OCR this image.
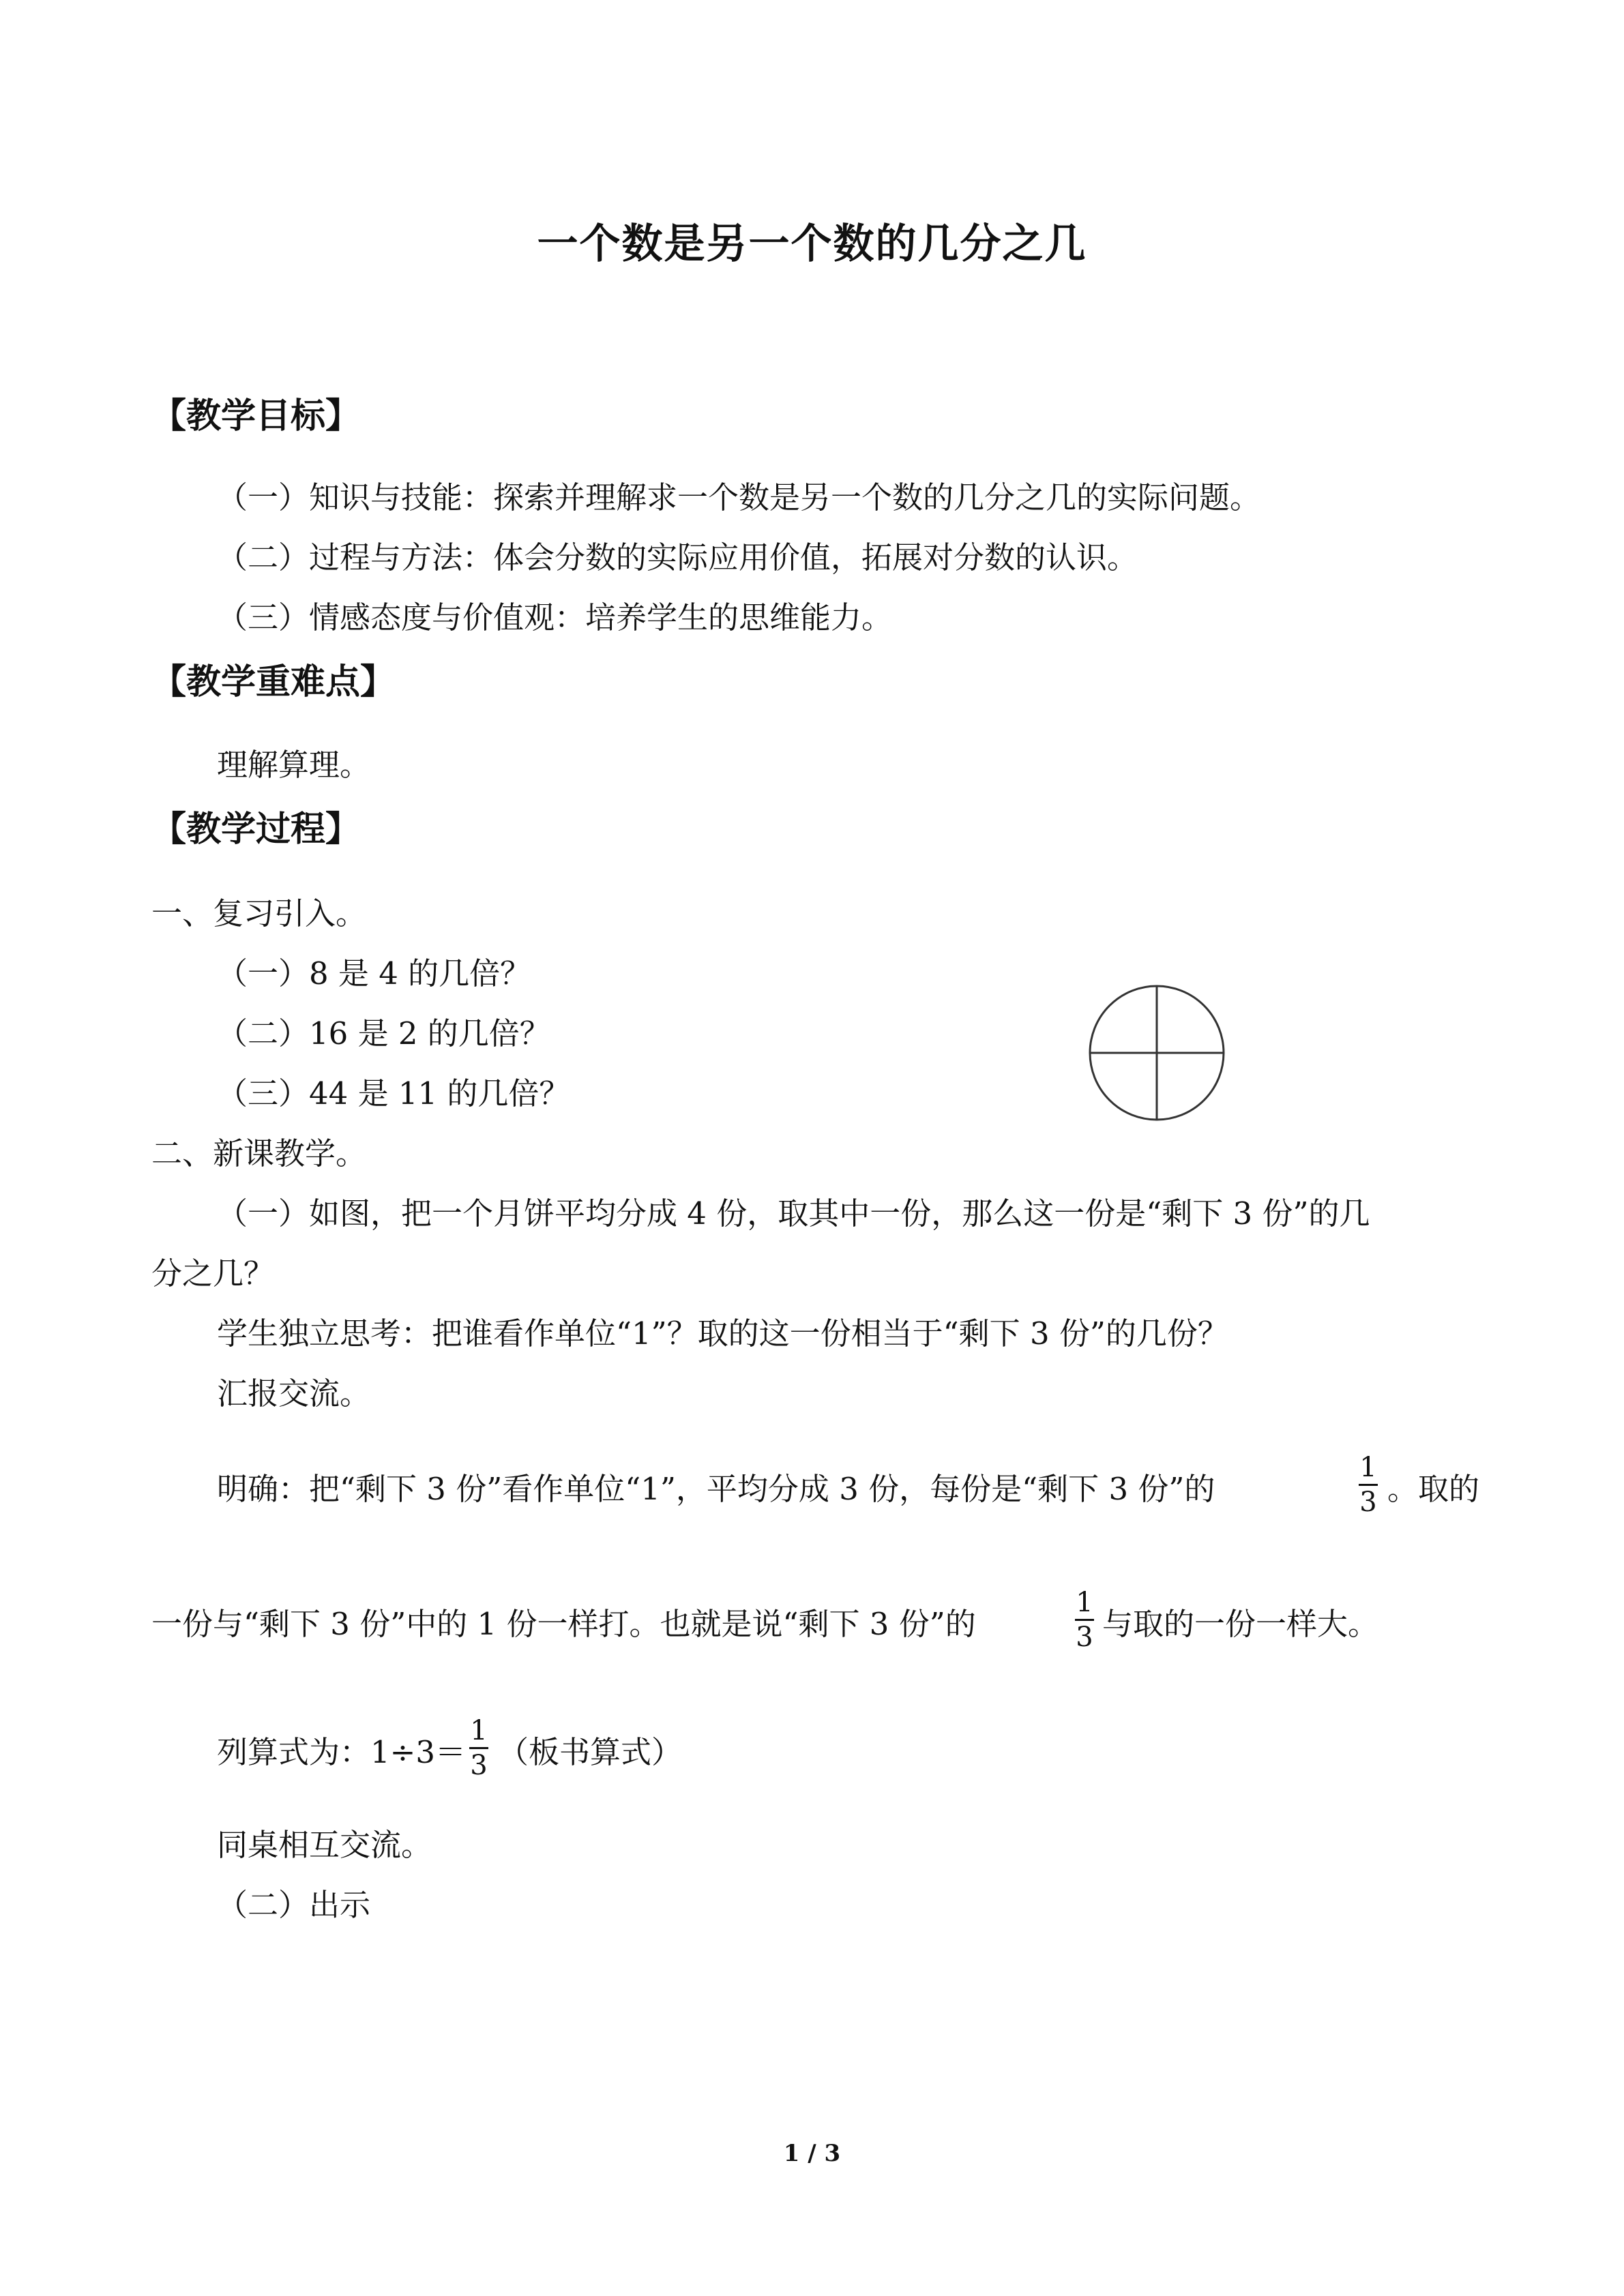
一个数是另一个数的几分之几
【教学目标】
（一）知识与技能：探索并理解求一个数是另一个数的几分之几的实际问题。
（二）过程与方法：体会分数的实际应用价值，拓展对分数的认识。
（三）情感态度与价值观：培养学生的思维能力。
【教学重难点】
理解算理。
【教学过程】
一、复习引入。
（一）8 是 4 的几倍？
（二）16 是 2 的几倍？
（三）44 是 11 的几倍？
二、新课教学。
（一）如图，把一个月饼平均分成 4 份，取其中一份，那么这一份是“剩下 3 份”的几
分之几？
学生独立思考：把谁看作单位“1”？取的这一份相当于“剩下 3 份”的几份？
汇报交流。
明确：把“剩下 3 份”看作单位“1”，平均分成 3 份，每份是“剩下 3 份”的
1
3 。取的
一份与“剩下 3 份”中的 1 份一样打。也就是说“剩下 3 份”的
1
3 与取的一份一样大。
列算式为：1÷3＝
1
3 （板书算式）
同桌相互交流。
（二）出示
1 / 3
